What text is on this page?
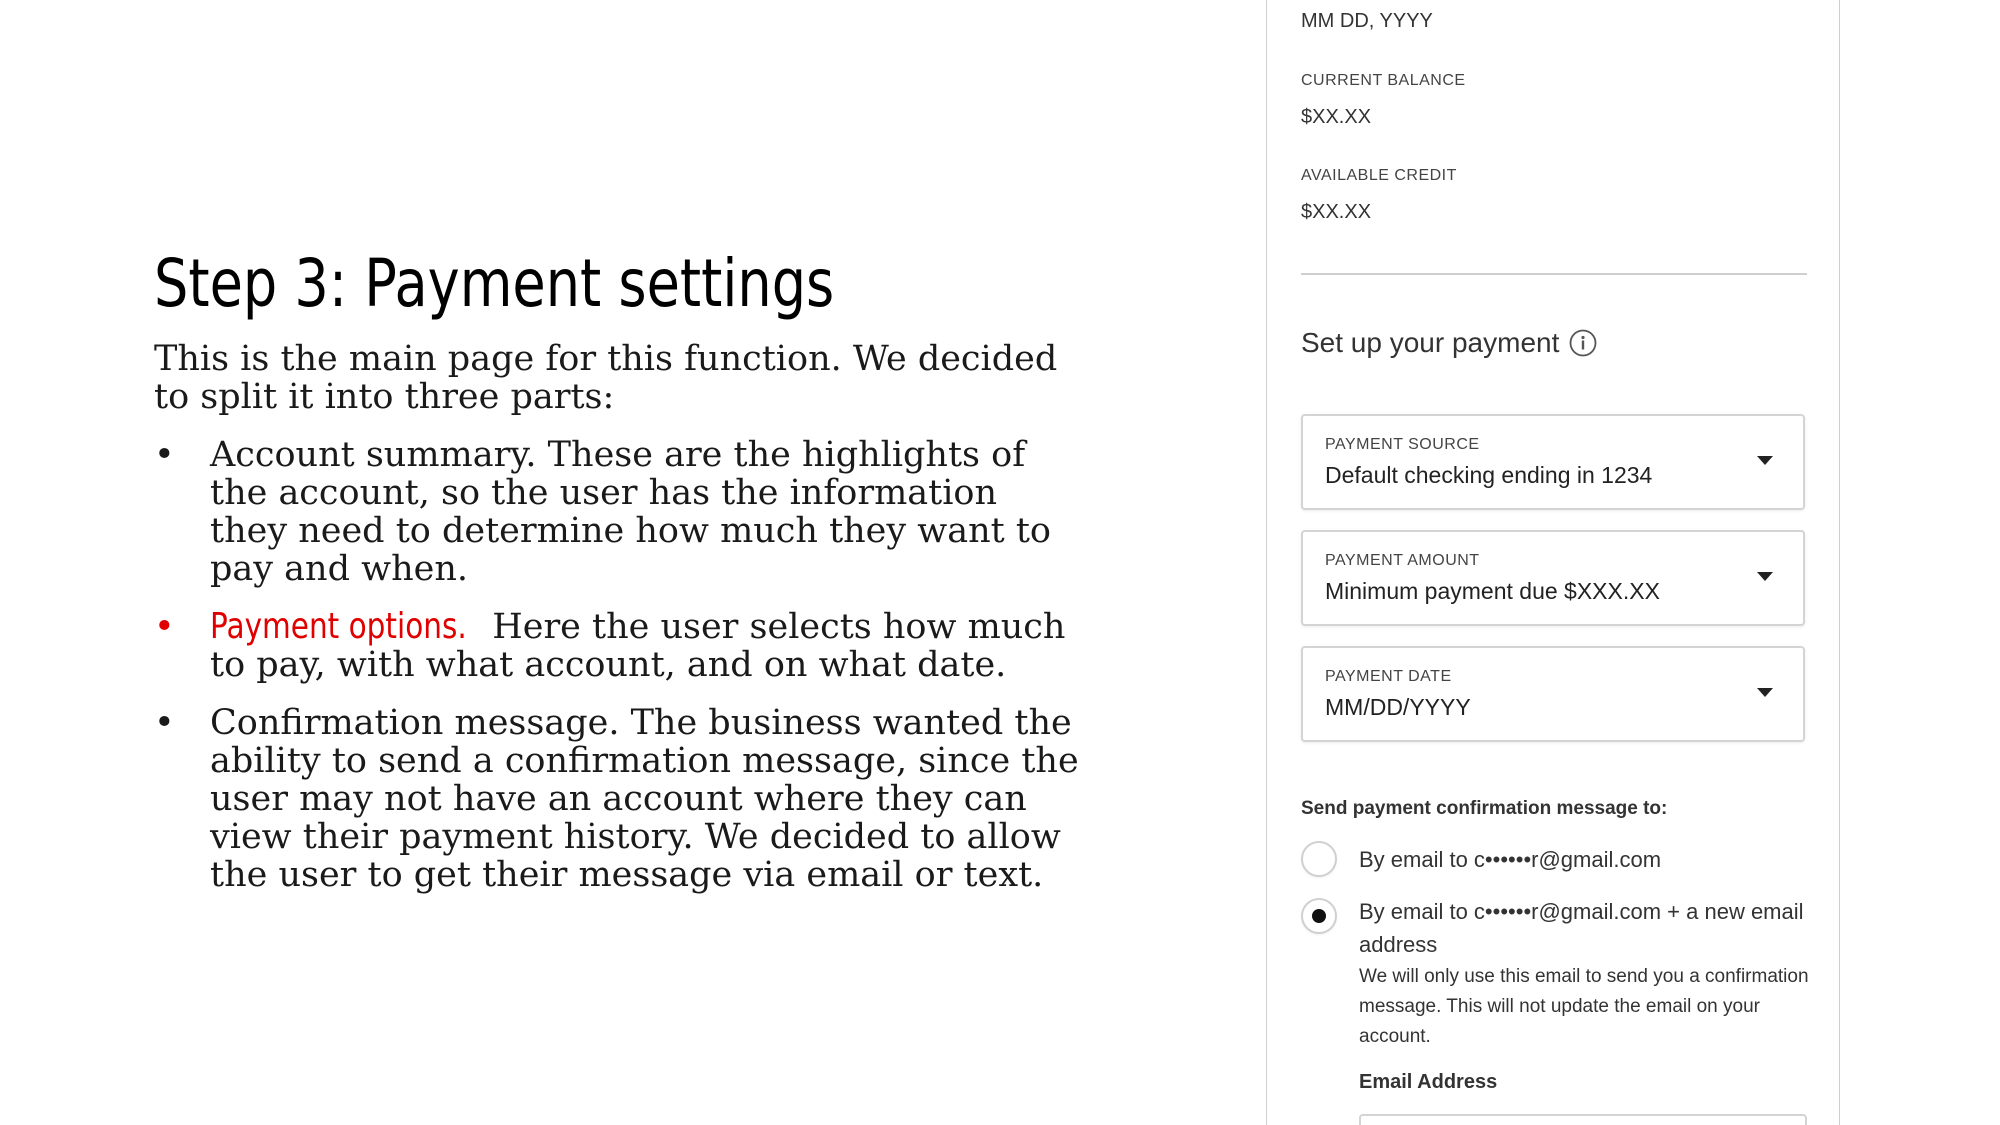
Step 3: Payment settings

This is the main page for this function. We decided to split it into three parts:

• Account summary. These are the highlights of the account, so the user has the information they need to determine how much they want to pay and when.
• Payment options. Here the user selects how much to pay, with what account, and on what date.
• Confirmation message. The business wanted the ability to send a confirmation message, since the user may not have an account where they can view their payment history. We decided to allow the user to get their message via email or text.
MM DD, YYYY
CURRENT BALANCE
$XX.XX
AVAILABLE CREDIT
$XX.XX
Set up your payment
PAYMENT SOURCE
Default checking ending in 1234
PAYMENT AMOUNT
Minimum payment due $XXX.XX
PAYMENT DATE
MM/DD/YYYY
Send payment confirmation message to:
By email to c••••••r@gmail.com
By email to c••••••r@gmail.com + a new email address
We will only use this email to send you a confirmation message. This will not update the email on your account.
Email Address
